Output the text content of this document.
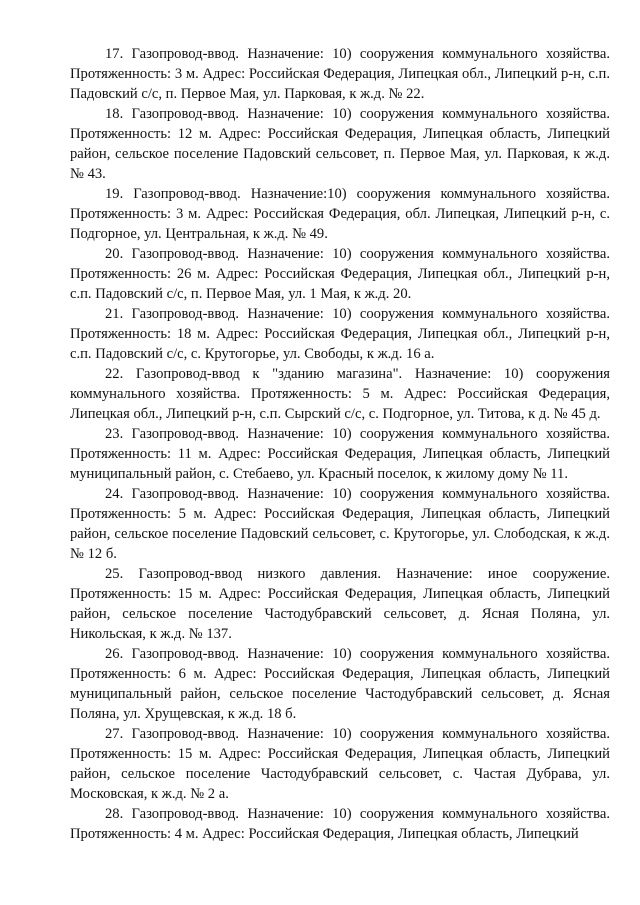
17. Газопровод-ввод. Назначение: 10) сооружения коммунального хозяйства. Протяженность: 3 м. Адрес: Российская Федерация, Липецкая обл., Липецкий р-н, с.п. Падовский с/с, п. Первое Мая, ул. Парковая, к ж.д. № 22.

18. Газопровод-ввод. Назначение: 10) сооружения коммунального хозяйства. Протяженность: 12 м. Адрес: Российская Федерация, Липецкая область, Липецкий район, сельское поселение Падовский сельсовет, п. Первое Мая, ул. Парковая, к ж.д. № 43.

19. Газопровод-ввод. Назначение:10) сооружения коммунального хозяйства. Протяженность: 3 м. Адрес: Российская Федерация, обл. Липецкая, Липецкий р-н, с. Подгорное, ул. Центральная, к ж.д. № 49.

20. Газопровод-ввод. Назначение: 10) сооружения коммунального хозяйства. Протяженность: 26 м. Адрес: Российская Федерация, Липецкая обл., Липецкий р-н, с.п. Падовский с/с, п. Первое Мая, ул. 1 Мая, к ж.д. 20.

21. Газопровод-ввод. Назначение: 10) сооружения коммунального хозяйства. Протяженность: 18 м. Адрес: Российская Федерация, Липецкая обл., Липецкий р-н, с.п. Падовский с/с, с. Крутогорье, ул. Свободы, к ж.д. 16 а.

22. Газопровод-ввод к "зданию магазина". Назначение: 10) сооружения коммунального хозяйства. Протяженность: 5 м. Адрес: Российская Федерация, Липецкая обл., Липецкий р-н, с.п. Сырский с/с, с. Подгорное, ул. Титова, к д. № 45 д.

23. Газопровод-ввод. Назначение: 10) сооружения коммунального хозяйства. Протяженность: 11 м. Адрес: Российская Федерация, Липецкая область, Липецкий муниципальный район, с. Стебаево, ул. Красный поселок, к жилому дому № 11.

24. Газопровод-ввод. Назначение: 10) сооружения коммунального хозяйства. Протяженность: 5 м. Адрес: Российская Федерация, Липецкая область, Липецкий район, сельское поселение Падовский сельсовет, с. Крутогорье, ул. Слободская, к ж.д. № 12 б.

25. Газопровод-ввод низкого давления. Назначение: иное сооружение. Протяженность: 15 м. Адрес: Российская Федерация, Липецкая область, Липецкий район, сельское поселение Частодубравский сельсовет, д. Ясная Поляна, ул. Никольская, к ж.д. № 137.

26. Газопровод-ввод. Назначение: 10) сооружения коммунального хозяйства. Протяженность: 6 м. Адрес: Российская Федерация, Липецкая область, Липецкий муниципальный район, сельское поселение Частодубравский сельсовет, д. Ясная Поляна, ул. Хрущевская, к ж.д. 18 б.

27. Газопровод-ввод. Назначение: 10) сооружения коммунального хозяйства. Протяженность: 15 м. Адрес: Российская Федерация, Липецкая область, Липецкий район, сельское поселение Частодубравский сельсовет, с. Частая Дубрава, ул. Московская, к ж.д. № 2 а.

28. Газопровод-ввод. Назначение: 10) сооружения коммунального хозяйства. Протяженность: 4 м. Адрес: Российская Федерация, Липецкая область, Липецкий
